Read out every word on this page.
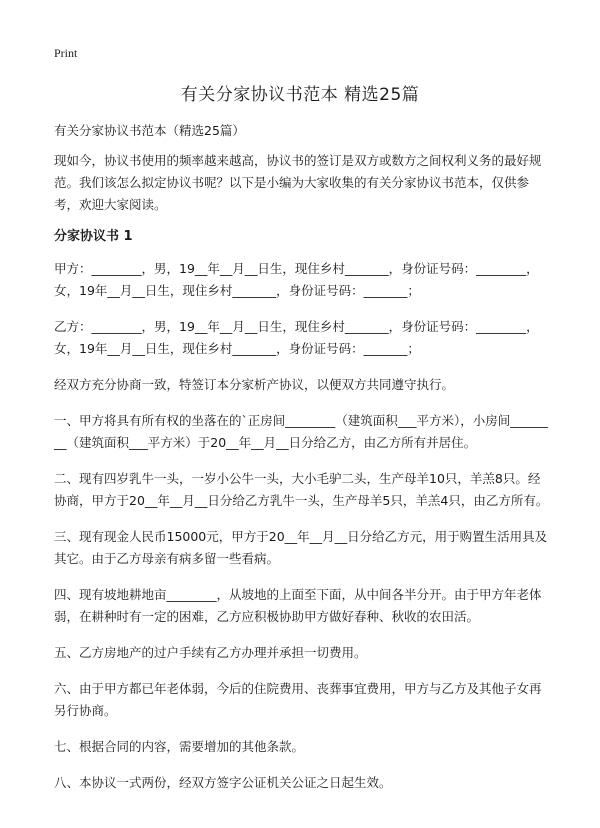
Print
有关分家协议书范本 精选25篇

有关分家协议书范本（精选25篇）

现如今，协议书使用的频率越来越高，协议书的签订是双方或数方之间权利义务的最好规范。我们该怎么拟定协议书呢？以下是小编为大家收集的有关分家协议书范本，仅供参考，欢迎大家阅读。

分家协议书 1

甲方：________，男，19__年__月__日生，现住乡村_______，身份证号码：________，女，19年__月__日生，现住乡村_______，身份证号码：_______；

乙方：________，男，19__年__月__日生，现住乡村_______，身份证号码：________，女，19年__月__日生，现住乡村_______，身份证号码：_______；

经双方充分协商一致，特签订本分家析产协议，以便双方共同遵守执行。

一、甲方将具有所有权的坐落在的`正房间________（建筑面积___平方米），小房间________（建筑面积___平方米）于20__年__月__日分给乙方，由乙方所有并居住。

二、现有四岁乳牛一头，一岁小公牛一头，大小毛驴二头，生产母羊10只，羊羔8只。经协商，甲方于20__年__月__日分给乙方乳牛一头，生产母羊5只，羊羔4只，由乙方所有。

三、现有现金人民币15000元，甲方于20__年__月__日分给乙方元，用于购置生活用具及其它。由于乙方母亲有病多留一些看病。

四、现有坡地耕地亩________，从坡地的上面至下面，从中间各半分开。由于甲方年老体弱，在耕种时有一定的困难，乙方应积极协助甲方做好春种、秋收的农田活。

五、乙方房地产的过户手续有乙方办理并承担一切费用。

六、由于甲方都已年老体弱，今后的住院费用、丧葬事宜费用，甲方与乙方及其他子女再另行协商。

七、根据合同的内容，需要增加的其他条款。

八、本协议一式两份，经双方签字公证机关公证之日起生效。
